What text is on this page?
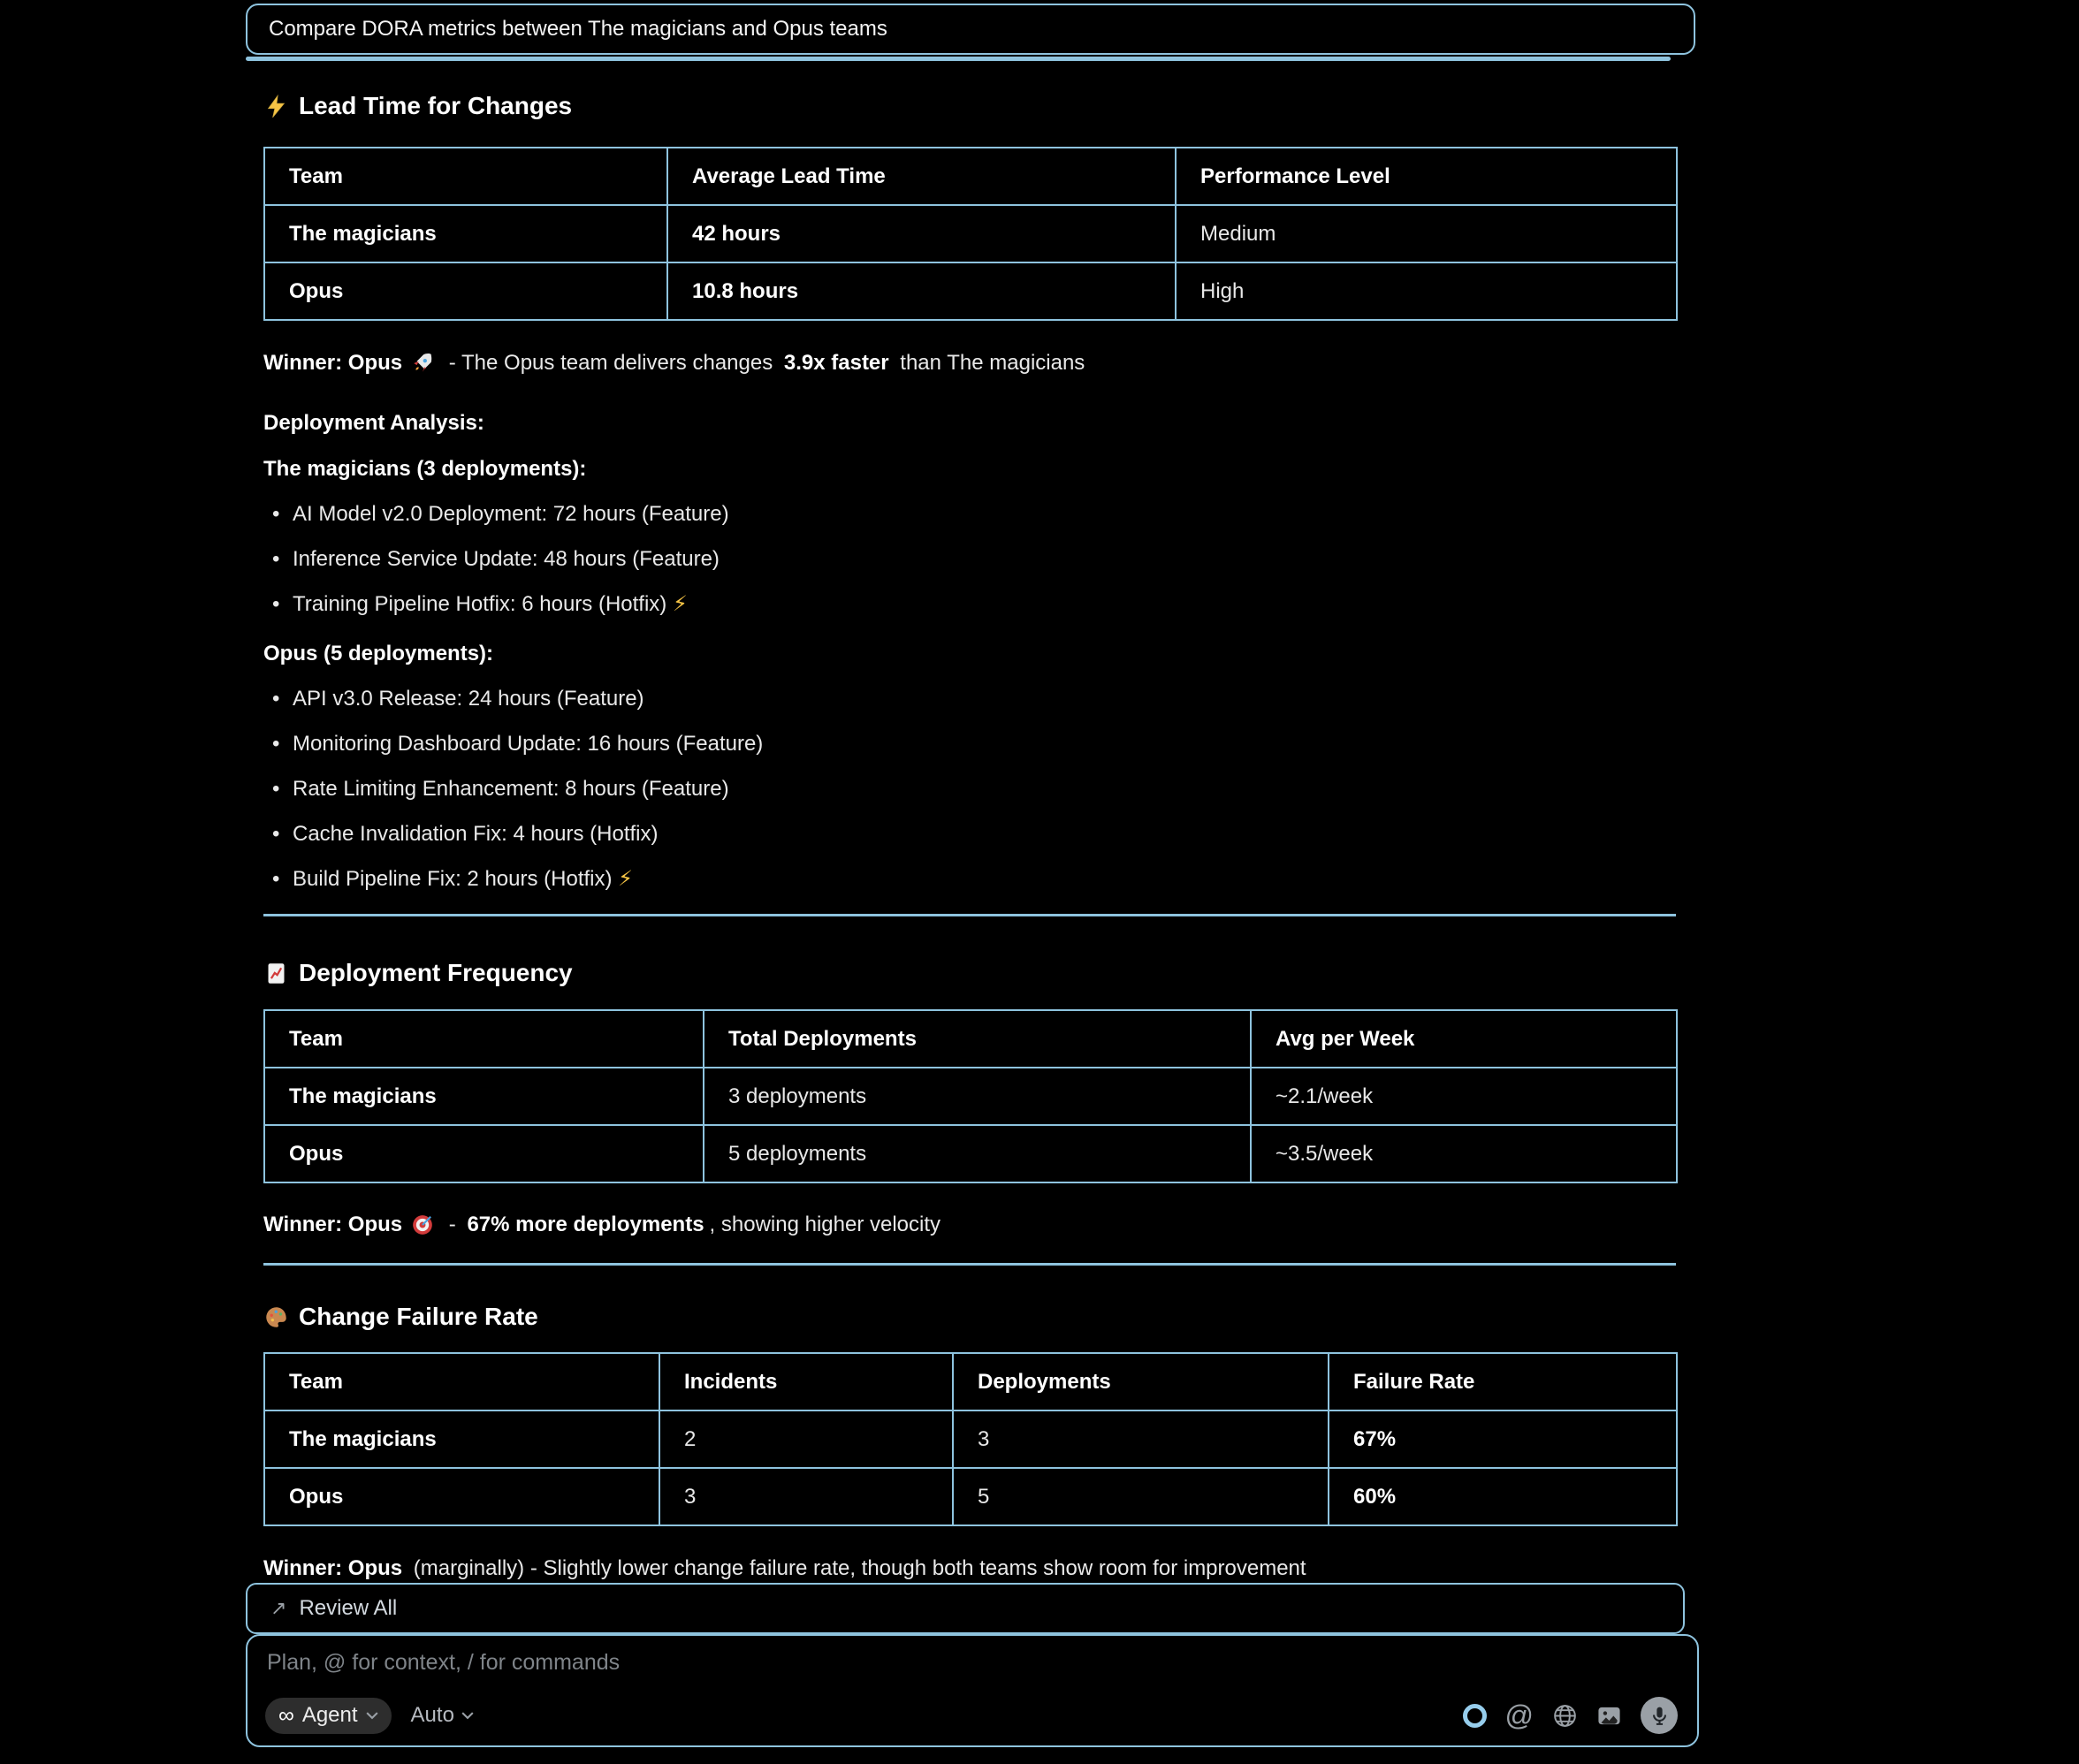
Compare DORA metrics between The magicians and Opus teams
Lead Time for Changes
Team	Average Lead Time	Performance Level
The magicians	42 hours	Medium
Opus	10.8 hours	High
Winner: Opus - The Opus team delivers changes 3.9x faster than The magicians
Deployment Analysis:
The magicians (3 deployments):
• AI Model v2.0 Deployment: 72 hours (Feature)
• Inference Service Update: 48 hours (Feature)
• Training Pipeline Hotfix: 6 hours (Hotfix) ⚡
Opus (5 deployments):
• API v3.0 Release: 24 hours (Feature)
• Monitoring Dashboard Update: 16 hours (Feature)
• Rate Limiting Enhancement: 8 hours (Feature)
• Cache Invalidation Fix: 4 hours (Hotfix)
• Build Pipeline Fix: 2 hours (Hotfix) ⚡
Deployment Frequency
Team	Total Deployments	Avg per Week
The magicians	3 deployments	~2.1/week
Opus	5 deployments	~3.5/week
Winner: Opus - 67% more deployments , showing higher velocity
Change Failure Rate
Team	Incidents	Deployments	Failure Rate
The magicians	2	3	67%
Opus	3	5	60%
Winner: Opus (marginally) - Slightly lower change failure rate, though both teams show room for improvement
↗ Review All
Plan, @ for context, / for commands
∞ Agent	Auto	@
